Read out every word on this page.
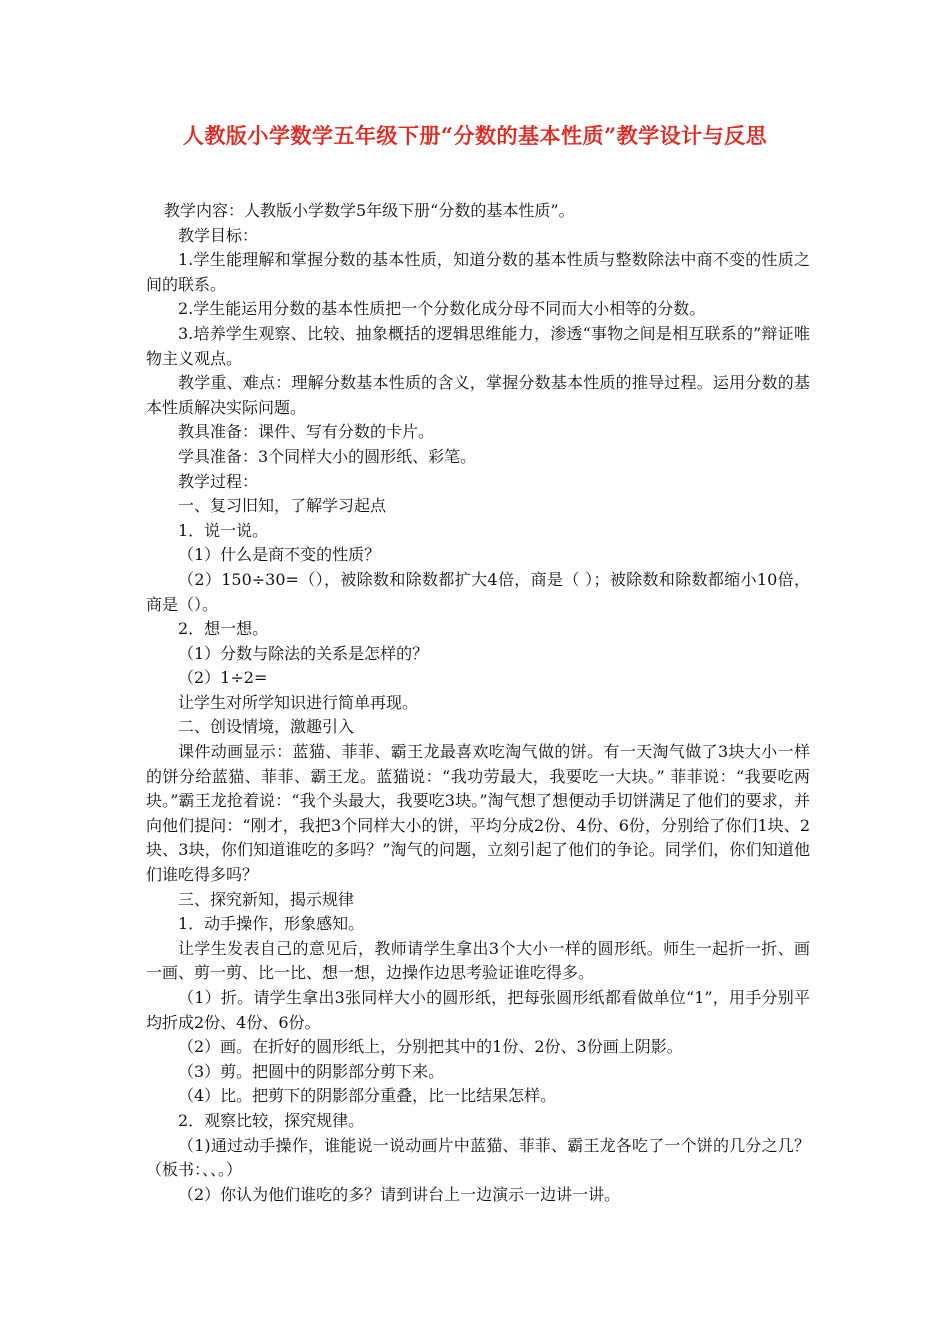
人教版小学数学五年级下册“分数的基本性质”教学设计与反思

教学内容：人教版小学数学5年级下册“分数的基本性质”。

教学目标：

1.学生能理解和掌握分数的基本性质，知道分数的基本性质与整数除法中商不变的性质之间的联系。

2.学生能运用分数的基本性质把一个分数化成分母不同而大小相等的分数。

3.培养学生观察、比较、抽象概括的逻辑思维能力，渗透“事物之间是相互联系的”辩证唯物主义观点。

教学重、难点：理解分数基本性质的含义，掌握分数基本性质的推导过程。运用分数的基本性质解决实际问题。

教具准备：课件、写有分数的卡片。

学具准备：3个同样大小的圆形纸、彩笔。

教学过程：

一、复习旧知，了解学习起点

1．说一说。

（1）什么是商不变的性质？

（2）150÷30=（），被除数和除数都扩大4倍，商是（ ）；被除数和除数都缩小10倍，商是（）。

2．想一想。

（1）分数与除法的关系是怎样的？

（2）1÷2=

让学生对所学知识进行简单再现。

二、创设情境，激趣引入

课件动画显示：蓝猫、菲菲、霸王龙最喜欢吃淘气做的饼。有一天淘气做了3块大小一样的饼分给蓝猫、菲菲、霸王龙。蓝猫说：“我功劳最大，我要吃一大块。” 菲菲说：“我要吃两块。”霸王龙抢着说：“我个头最大，我要吃3块。”淘气想了想便动手切饼满足了他们的要求，并向他们提问：“刚才，我把3个同样大小的饼，平均分成2份、4份、6份，分别给了你们1块、2块、3块，你们知道谁吃的多吗？”淘气的问题，立刻引起了他们的争论。同学们，你们知道他们谁吃得多吗？

三、探究新知，揭示规律

1．动手操作，形象感知。

让学生发表自己的意见后，教师请学生拿出3个大小一样的圆形纸。师生一起折一折、画一画、剪一剪、比一比、想一想，边操作边思考验证谁吃得多。

（1）折。请学生拿出3张同样大小的圆形纸，把每张圆形纸都看做单位“1”，用手分别平均折成2份、4份、6份。

（2）画。在折好的圆形纸上，分别把其中的1份、2份、3份画上阴影。

（3）剪。把圆中的阴影部分剪下来。

（4）比。把剪下的阴影部分重叠，比一比结果怎样。

2．观察比较，探究规律。

（1)通过动手操作，谁能说一说动画片中蓝猫、菲菲、霸王龙各吃了一个饼的几分之几？（板书：、、。）

（2）你认为他们谁吃的多？请到讲台上一边演示一边讲一讲。
